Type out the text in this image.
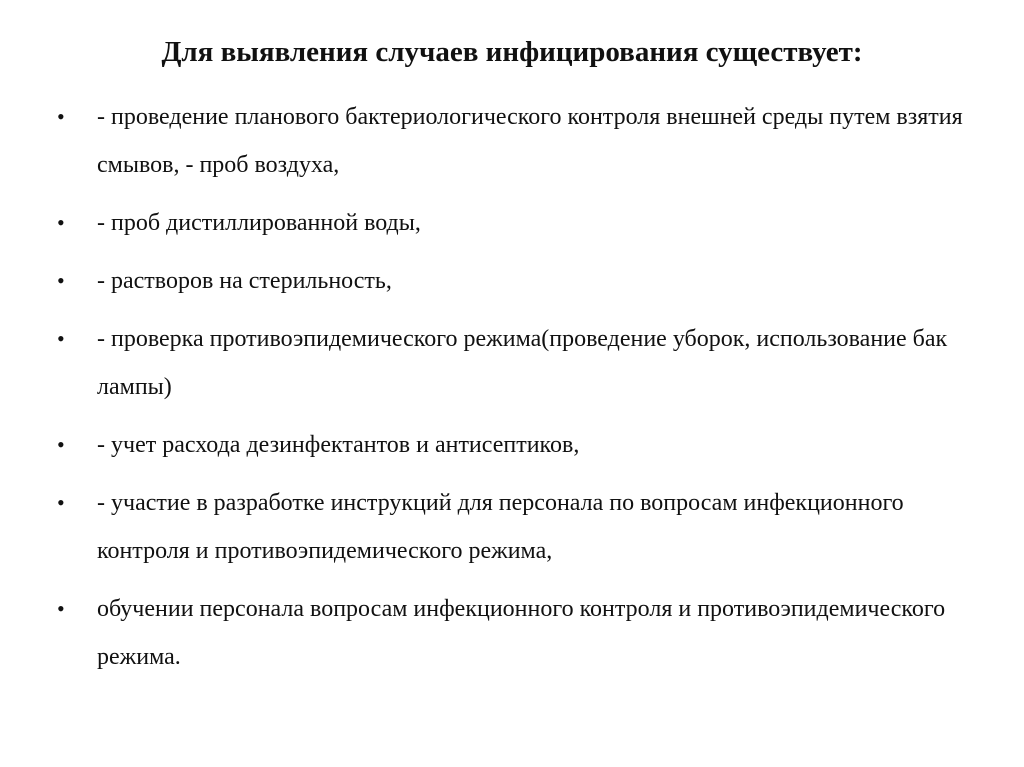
Для выявления случаев инфицирования существует:
•	- проведение планового бактериологического контроля внешней среды путем взятия смывов, - проб воздуха,
•	- проб дистиллированной воды,
•	- растворов на стерильность,
•	- проверка противоэпидемического режима(проведение уборок, использование бак лампы)
•	- учет расхода дезинфектантов и антисептиков,
•	- участие в разработке инструкций для персонала по вопросам инфекционного контроля и противоэпидемического режима,
•	обучении персонала вопросам инфекционного контроля и противоэпидемического режима.
